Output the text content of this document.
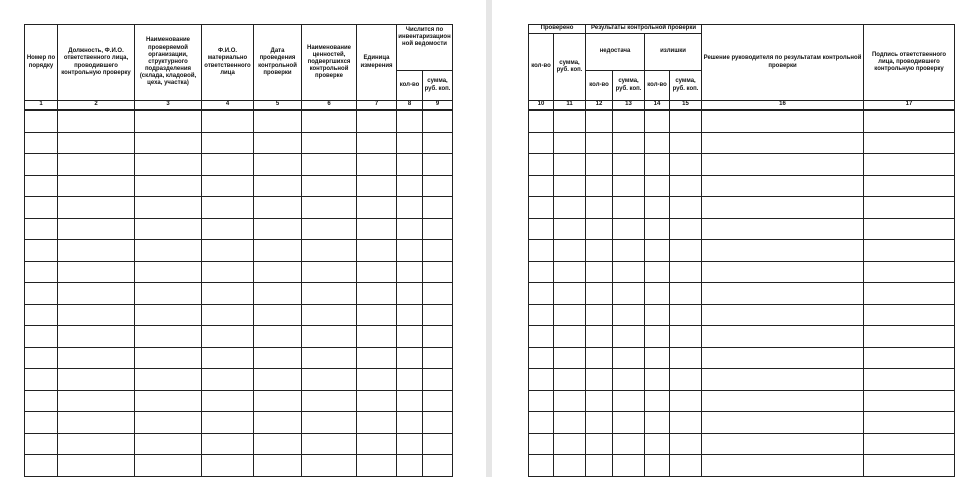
Номер по порядку	Должность, Ф.И.О. ответственного лица, проводившего контрольную проверку	Наименование проверяемой организации, структурного подразделения (склада, кладовой, цеха, участка)	Ф.И.О. материально ответственного лица	Дата проведения контрольной проверки	Наименование ценностей, подвергшихся контрольной проверке	Единица измерения	Числится по инвентаризационной ведомости	
							кол-во	сумма, руб. коп.
1	2	3	4	5	6	7	8	9

Проверено		Результаты контрольной проверки				Решение руководителя по результатам контрольной проверки	Подпись ответственного лица, проводившего контрольную проверку
кол-во	сумма, руб. коп.	недостача		излишки			
		кол-во	сумма, руб. коп.	кол-во	сумма, руб. коп.		
10	11	12	13	14	15	16	17
